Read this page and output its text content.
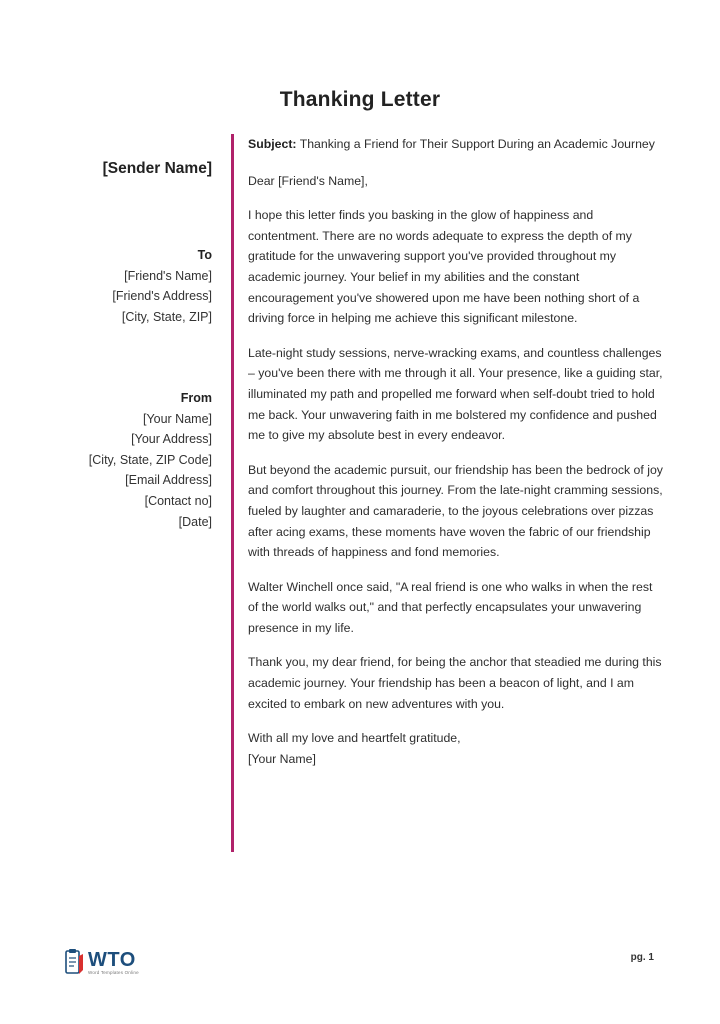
Thanking Letter
[Sender Name]
To
[Friend's Name]
[Friend's Address]
[City, State, ZIP]
From
[Your Name]
[Your Address]
[City, State, ZIP Code]
[Email Address]
[Contact no]
[Date]

Subject: Thanking a Friend for Their Support During an Academic Journey

Dear [Friend's Name],

I hope this letter finds you basking in the glow of happiness and contentment. There are no words adequate to express the depth of my gratitude for the unwavering support you've provided throughout my academic journey. Your belief in my abilities and the constant encouragement you've showered upon me have been nothing short of a driving force in helping me achieve this significant milestone.

Late-night study sessions, nerve-wracking exams, and countless challenges – you've been there with me through it all. Your presence, like a guiding star, illuminated my path and propelled me forward when self-doubt tried to hold me back. Your unwavering faith in me bolstered my confidence and pushed me to give my absolute best in every endeavor.

But beyond the academic pursuit, our friendship has been the bedrock of joy and comfort throughout this journey. From the late-night cramming sessions, fueled by laughter and camaraderie, to the joyous celebrations over pizzas after acing exams, these moments have woven the fabric of our friendship with threads of happiness and fond memories.

Walter Winchell once said, "A real friend is one who walks in when the rest of the world walks out," and that perfectly encapsulates your unwavering presence in my life.

Thank you, my dear friend, for being the anchor that steadied me during this academic journey. Your friendship has been a beacon of light, and I am excited to embark on new adventures with you.

With all my love and heartfelt gratitude,

[Your Name]

WTO
Word Templates Online
pg. 1
